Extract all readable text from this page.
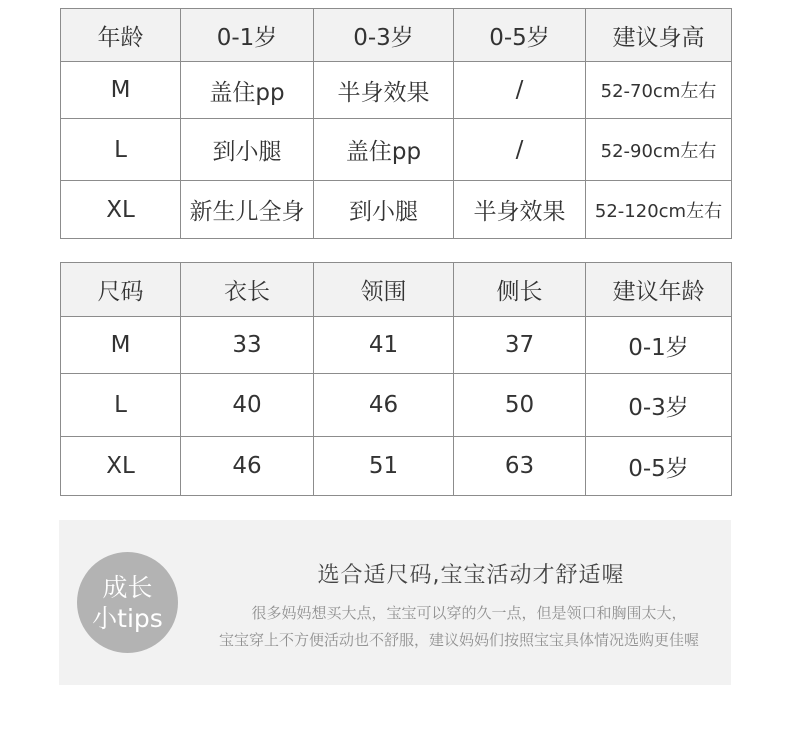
年龄	0-1岁	0-3岁	0-5岁	建议身高
M	盖住pp	半身效果	/	52-70cm左右
L	到小腿	盖住pp	/	52-90cm左右
XL	新生儿全身	到小腿	半身效果	52-120cm左右
尺码	衣长	领围	侧长	建议年龄
M	33	41	37	0-1岁
L	40	46	50	0-3岁
XL	46	51	63	0-5岁
成长
小tips
选合适尺码,宝宝活动才舒适喔
很多妈妈想买大点，宝宝可以穿的久一点，但是领口和胸围太大，
宝宝穿上不方便活动也不舒服，建议妈妈们按照宝宝具体情况选购更佳喔
